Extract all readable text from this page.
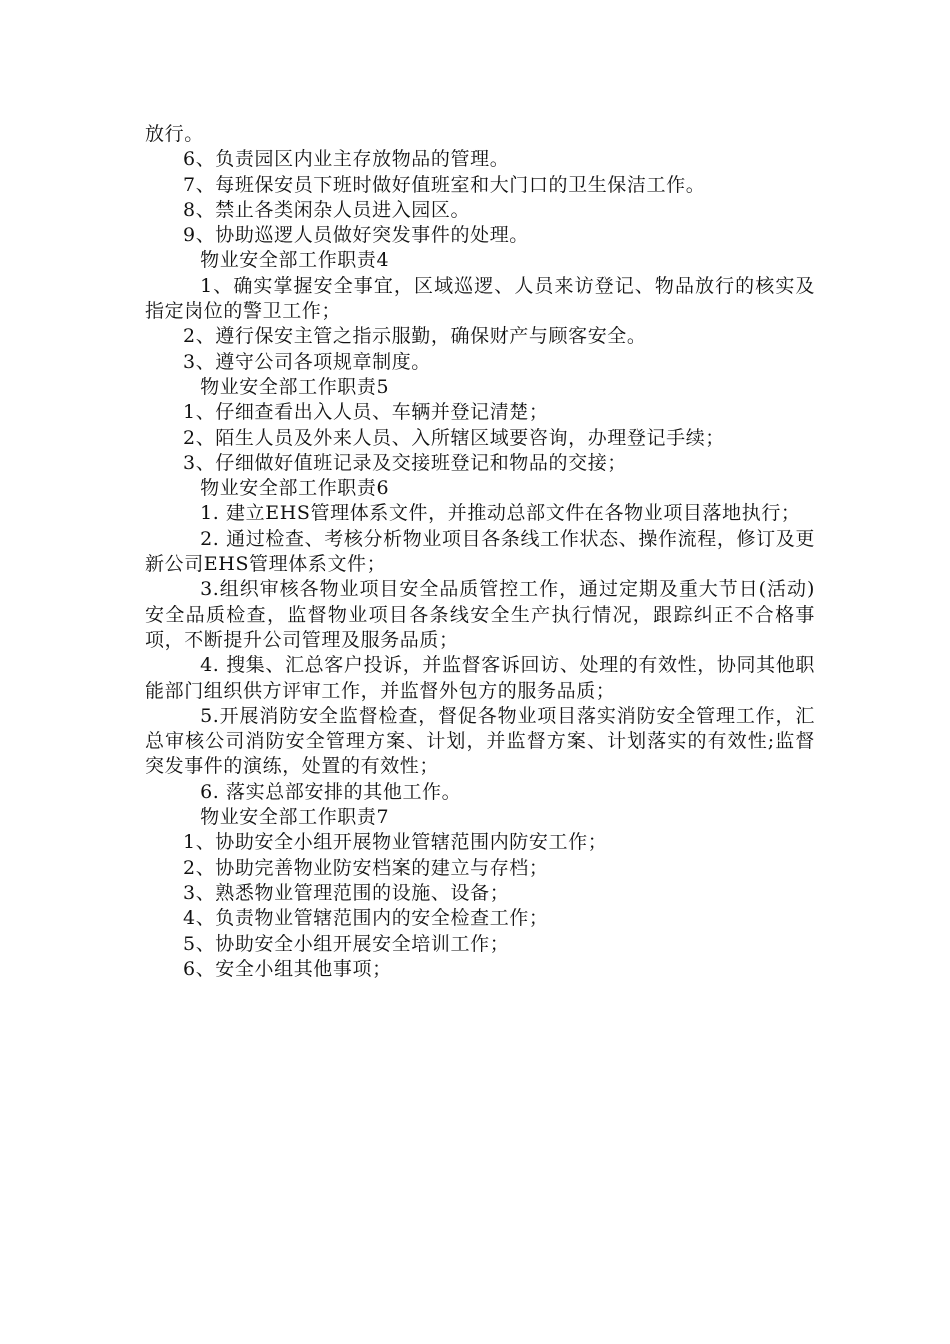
放行。

6、负责园区内业主存放物品的管理。

7、每班保安员下班时做好值班室和大门口的卫生保洁工作。

8、禁止各类闲杂人员进入园区。

9、协助巡逻人员做好突发事件的处理。

物业安全部工作职责4

1、确实掌握安全事宜，区域巡逻、人员来访登记、物品放行的核实及指定岗位的警卫工作；

2、遵行保安主管之指示服勤，确保财产与顾客安全。

3、遵守公司各项规章制度。

物业安全部工作职责5

1、仔细查看出入人员、车辆并登记清楚；

2、陌生人员及外来人员、入所辖区域要咨询，办理登记手续；

3、仔细做好值班记录及交接班登记和物品的交接；

物业安全部工作职责6

1. 建立EHS管理体系文件，并推动总部文件在各物业项目落地执行；

2. 通过检查、考核分析物业项目各条线工作状态、操作流程，修订及更新公司EHS管理体系文件；

3.组织审核各物业项目安全品质管控工作，通过定期及重大节日(活动)安全品质检查，监督物业项目各条线安全生产执行情况，跟踪纠正不合格事项，不断提升公司管理及服务品质；

4. 搜集、汇总客户投诉，并监督客诉回访、处理的有效性，协同其他职能部门组织供方评审工作，并监督外包方的服务品质；

5.开展消防安全监督检查，督促各物业项目落实消防安全管理工作，汇总审核公司消防安全管理方案、计划，并监督方案、计划落实的有效性;监督突发事件的演练，处置的有效性；

6. 落实总部安排的其他工作。

物业安全部工作职责7

1、协助安全小组开展物业管辖范围内防安工作；

2、协助完善物业防安档案的建立与存档；

3、熟悉物业管理范围的设施、设备；

4、负责物业管辖范围内的安全检查工作；

5、协助安全小组开展安全培训工作；

6、安全小组其他事项；
